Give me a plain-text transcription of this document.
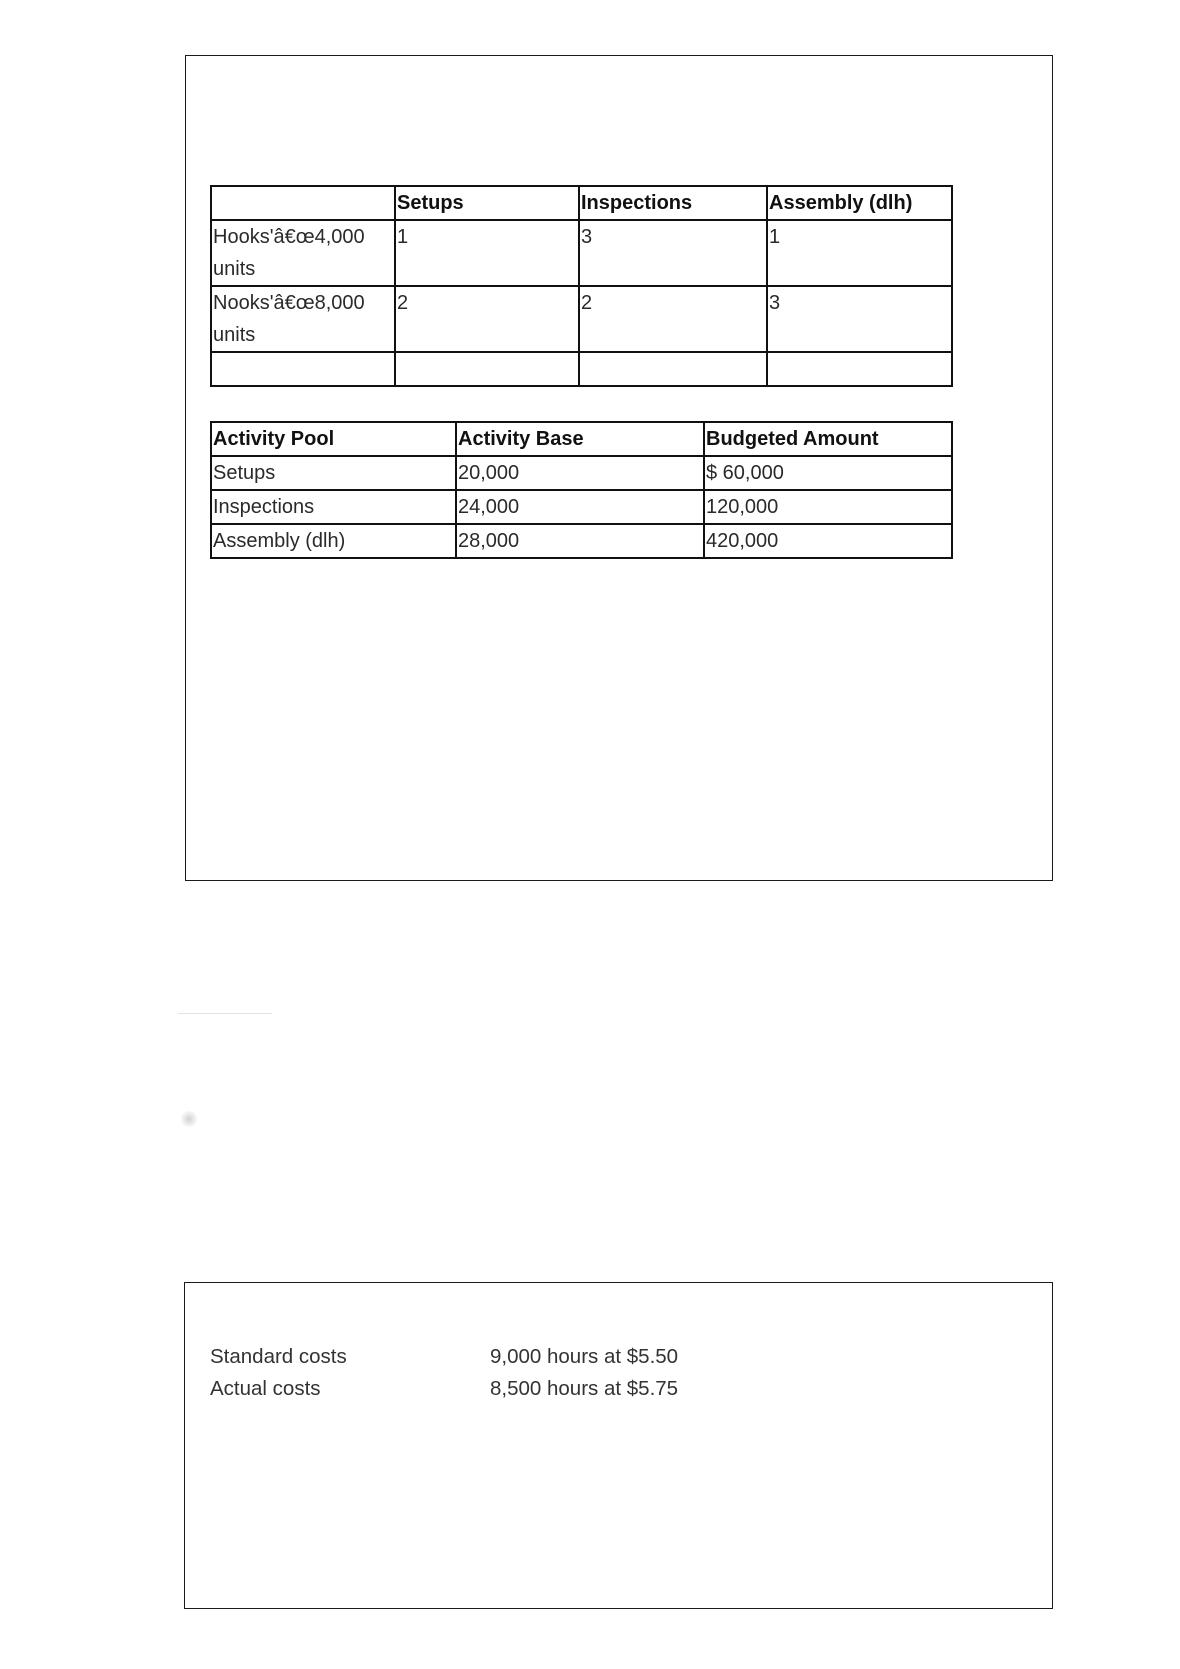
	Setups	Inspections	Assembly (dlh)
Hooks'â€œ4,000 units	1	3	1
Nooks'â€œ8,000 units	2	2	3

Activity Pool	Activity Base	Budgeted Amount
Setups	20,000	$ 60,000
Inspections	24,000	120,000
Assembly (dlh)	28,000	420,000
Standard costs	9,000 hours at $5.50
Actual costs	8,500 hours at $5.75
